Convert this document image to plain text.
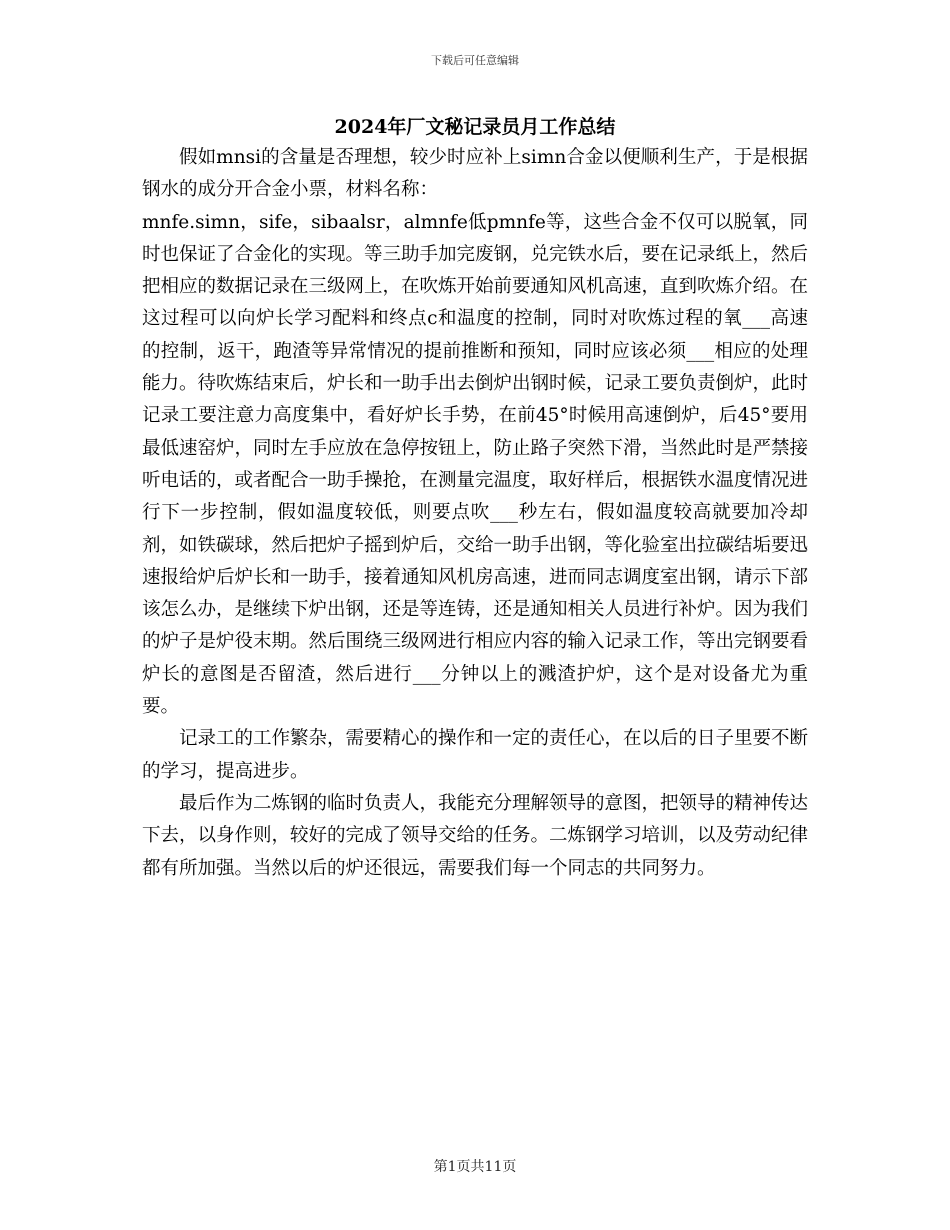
下载后可任意编辑
2024年厂文秘记录员月工作总结

假如mnsi的含量是否理想，较少时应补上simn合金以便顺利生产，于是根据钢水的成分开合金小票，材料名称：

mnfe.simn，sife，sibaalsr，almnfe低pmnfe等，这些合金不仅可以脱氧，同时也保证了合金化的实现。等三助手加完废钢，兑完铁水后，要在记录纸上，然后把相应的数据记录在三级网上，在吹炼开始前要通知风机高速，直到吹炼介绍。在这过程可以向炉长学习配料和终点c和温度的控制，同时对吹炼过程的氧___高速的控制，返干，跑渣等异常情况的提前推断和预知，同时应该必须___相应的处理能力。待吹炼结束后，炉长和一助手出去倒炉出钢时候，记录工要负责倒炉，此时记录工要注意力高度集中，看好炉长手势，在前45°时候用高速倒炉，后45°要用最低速窑炉，同时左手应放在急停按钮上，防止路子突然下滑，当然此时是严禁接听电话的，或者配合一助手操抢，在测量完温度，取好样后，根据铁水温度情况进行下一步控制，假如温度较低，则要点吹___秒左右，假如温度较高就要加冷却剂，如铁碳球，然后把炉子摇到炉后，交给一助手出钢，等化验室出拉碳结垢要迅速报给炉后炉长和一助手，接着通知风机房高速，进而同志调度室出钢，请示下部该怎么办，是继续下炉出钢，还是等连铸，还是通知相关人员进行补炉。因为我们的炉子是炉役末期。然后围绕三级网进行相应内容的输入记录工作，等出完钢要看炉长的意图是否留渣，然后进行___分钟以上的溅渣护炉，这个是对设备尤为重要。

记录工的工作繁杂，需要精心的操作和一定的责任心，在以后的日子里要不断的学习，提高进步。

最后作为二炼钢的临时负责人，我能充分理解领导的意图，把领导的精神传达下去，以身作则，较好的完成了领导交给的任务。二炼钢学习培训，以及劳动纪律都有所加强。当然以后的炉还很远，需要我们每一个同志的共同努力。

第1页共11页
